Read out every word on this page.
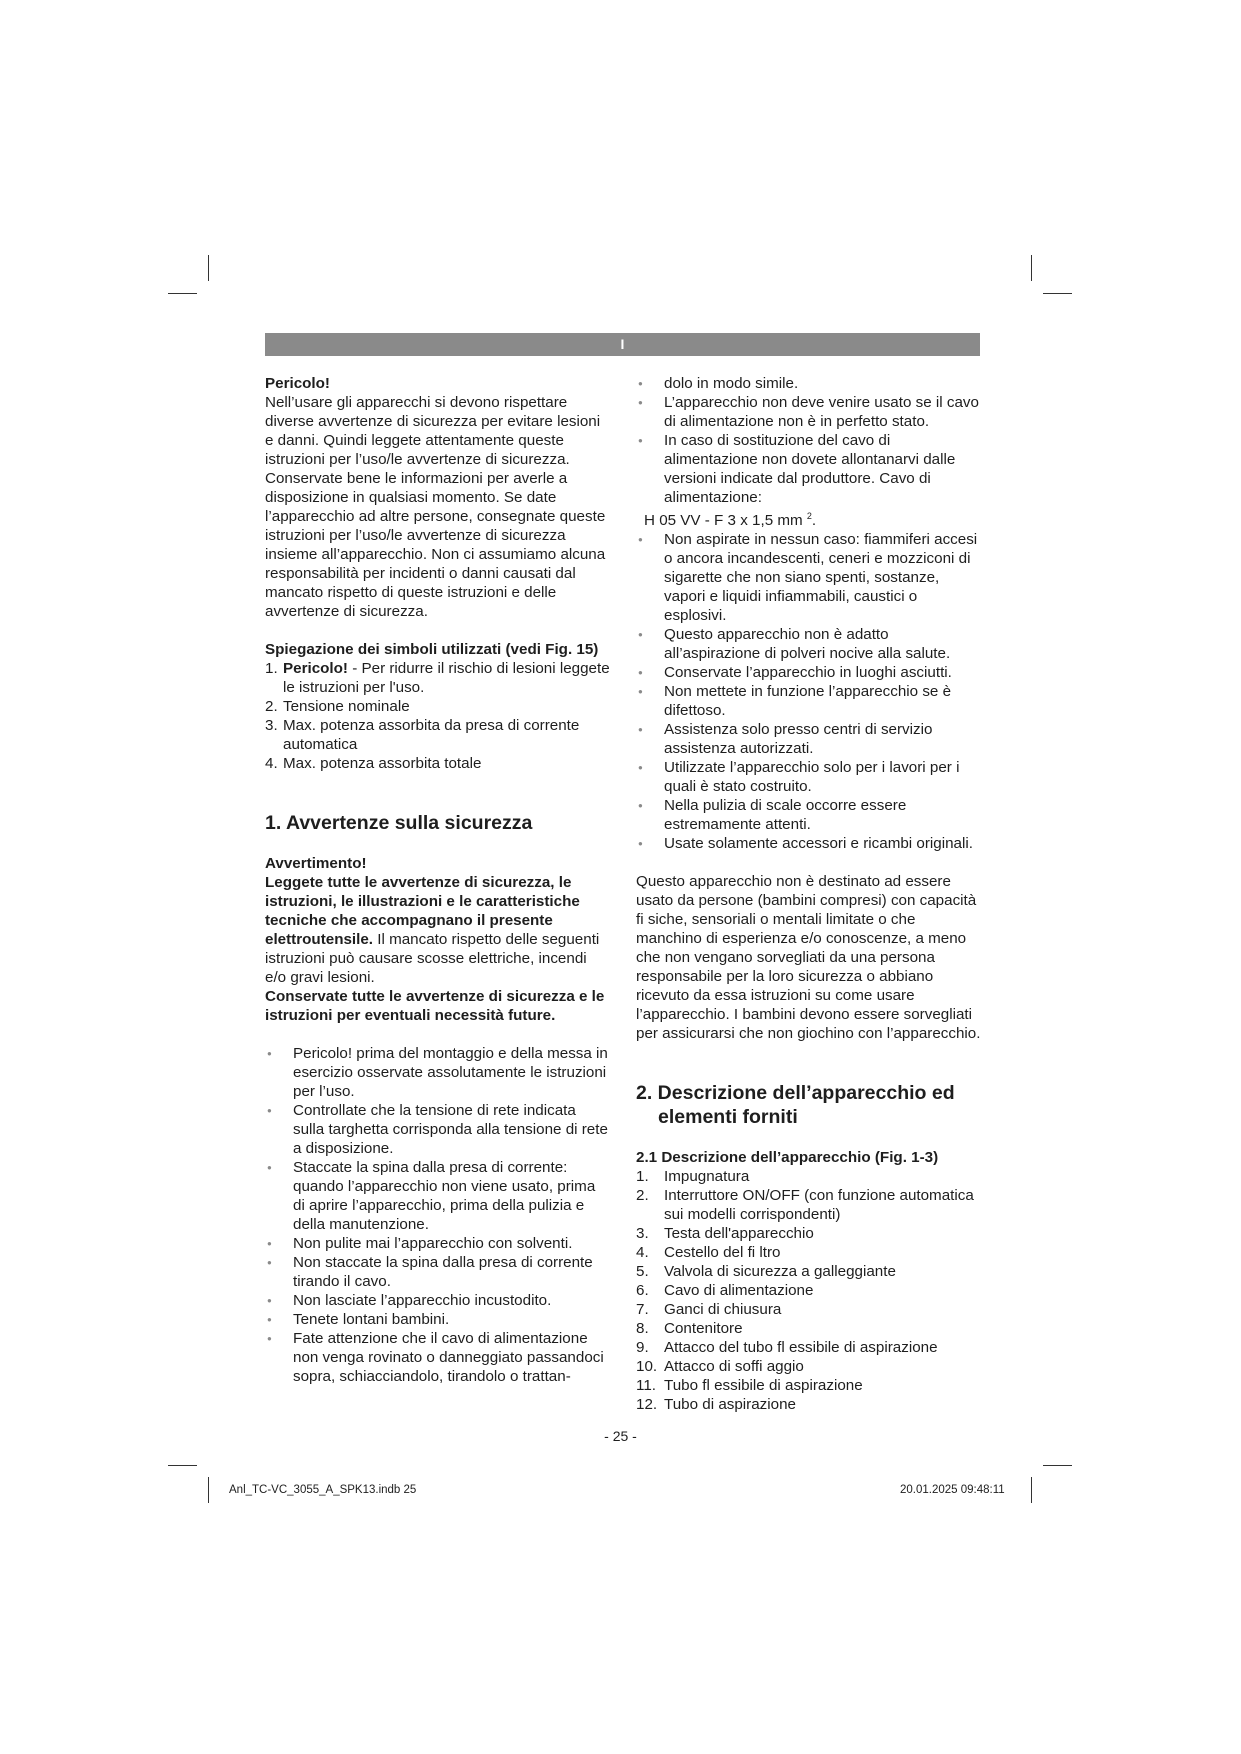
I

Pericolo!

Nell’usare gli apparecchi si devono rispettare diverse avvertenze di sicurezza per evitare lesioni e danni. Quindi leggete attentamente queste istruzioni per l’uso/le avvertenze di sicurezza. Conservate bene le informazioni per averle a disposizione in qualsiasi momento. Se date l’apparecchio ad altre persone, consegnate queste istruzioni per l’uso/le avvertenze di sicurezza insieme all’apparecchio. Non ci assumiamo alcuna responsabilità per incidenti o danni causati dal mancato rispetto di queste istruzioni e delle avvertenze di sicurezza.

Spiegazione dei simboli utilizzati (vedi Fig. 15)

1. Pericolo! - Per ridurre il rischio di lesioni leggete le istruzioni per l'uso.
2. Tensione nominale
3. Max. potenza assorbita da presa di corrente automatica
4. Max. potenza assorbita totale
1. Avvertenze sulla sicurezza

Avvertimento!

Leggete tutte le avvertenze di sicurezza, le istruzioni, le illustrazioni e le caratteristiche tecniche che accompagnano il presente elettroutensile. Il mancato rispetto delle seguenti istruzioni può causare scosse elettriche, incendi e/o gravi lesioni.

Conservate tutte le avvertenze di sicurezza e le istruzioni per eventuali necessità future.

● Pericolo! prima del montaggio e della messa in esercizio osservate assolutamente le istruzioni per l’uso.
● Controllate che la tensione di rete indicata sulla targhetta corrisponda alla tensione di rete a disposizione.
● Staccate la spina dalla presa di corrente: quando l’apparecchio non viene usato, prima di aprire l’apparecchio, prima della pulizia e della manutenzione.
● Non pulite mai l’apparecchio con solventi.
● Non staccate la spina dalla presa di corrente tirando il cavo.
● Non lasciate l’apparecchio incustodito.
● Tenete lontani bambini.
● Fate attenzione che il cavo di alimentazione non venga rovinato o danneggiato passandoci sopra, schiacciandolo, tirandolo o trattan-
● dolo in modo simile.
● L’apparecchio non deve venire usato se il cavo di alimentazione non è in perfetto stato.
● In caso di sostituzione del cavo di alimentazione non dovete allontanarvi dalle versioni indicate dal produttore. Cavo di alimentazione:

H 05 VV - F 3 x 1,5 mm $^2$.

● Non aspirate in nessun caso: fiammiferi accesi o ancora incandescenti, ceneri e mozziconi di sigarette che non siano spenti, sostanze, vapori e liquidi infiammabili, caustici o esplosivi.
● Questo apparecchio non è adatto all’aspirazione di polveri nocive alla salute.
● Conservate l’apparecchio in luoghi asciutti.
● Non mettete in funzione l’apparecchio se è difettoso.
● Assistenza solo presso centri di servizio assistenza autorizzati.
● Utilizzate l’apparecchio solo per i lavori per i quali è stato costruito.
● Nella pulizia di scale occorre essere estremamente attenti.
● Usate solamente accessori e ricambi originali.

Questo apparecchio non è destinato ad essere usato da persone (bambini compresi) con capacità fi siche, sensoriali o mentali limitate o che manchino di esperienza e/o conoscenze, a meno che non vengano sorvegliati da una persona responsabile per la loro sicurezza o abbiano ricevuto da essa istruzioni su come usare l’apparecchio. I bambini devono essere sorvegliati per assicurarsi che non giochino con l’apparecchio.

2. Descrizione dell’apparecchio ed elementi forniti

2.1 Descrizione dell’apparecchio (Fig. 1-3)

1. Impugnatura
2. Interruttore ON/OFF (con funzione automatica sui modelli corrispondenti)
3. Testa dell'apparecchio
4. Cestello del fi ltro
5. Valvola di sicurezza a galleggiante
6. Cavo di alimentazione
7. Ganci di chiusura
8. Contenitore
9. Attacco del tubo fl essibile di aspirazione
10. Attacco di soffi aggio
11. Tubo fl essibile di aspirazione
12. Tubo di aspirazione
- 25 -
Anl_TC-VC_3055_A_SPK13.indb 25	20.01.2025 09:48:11
